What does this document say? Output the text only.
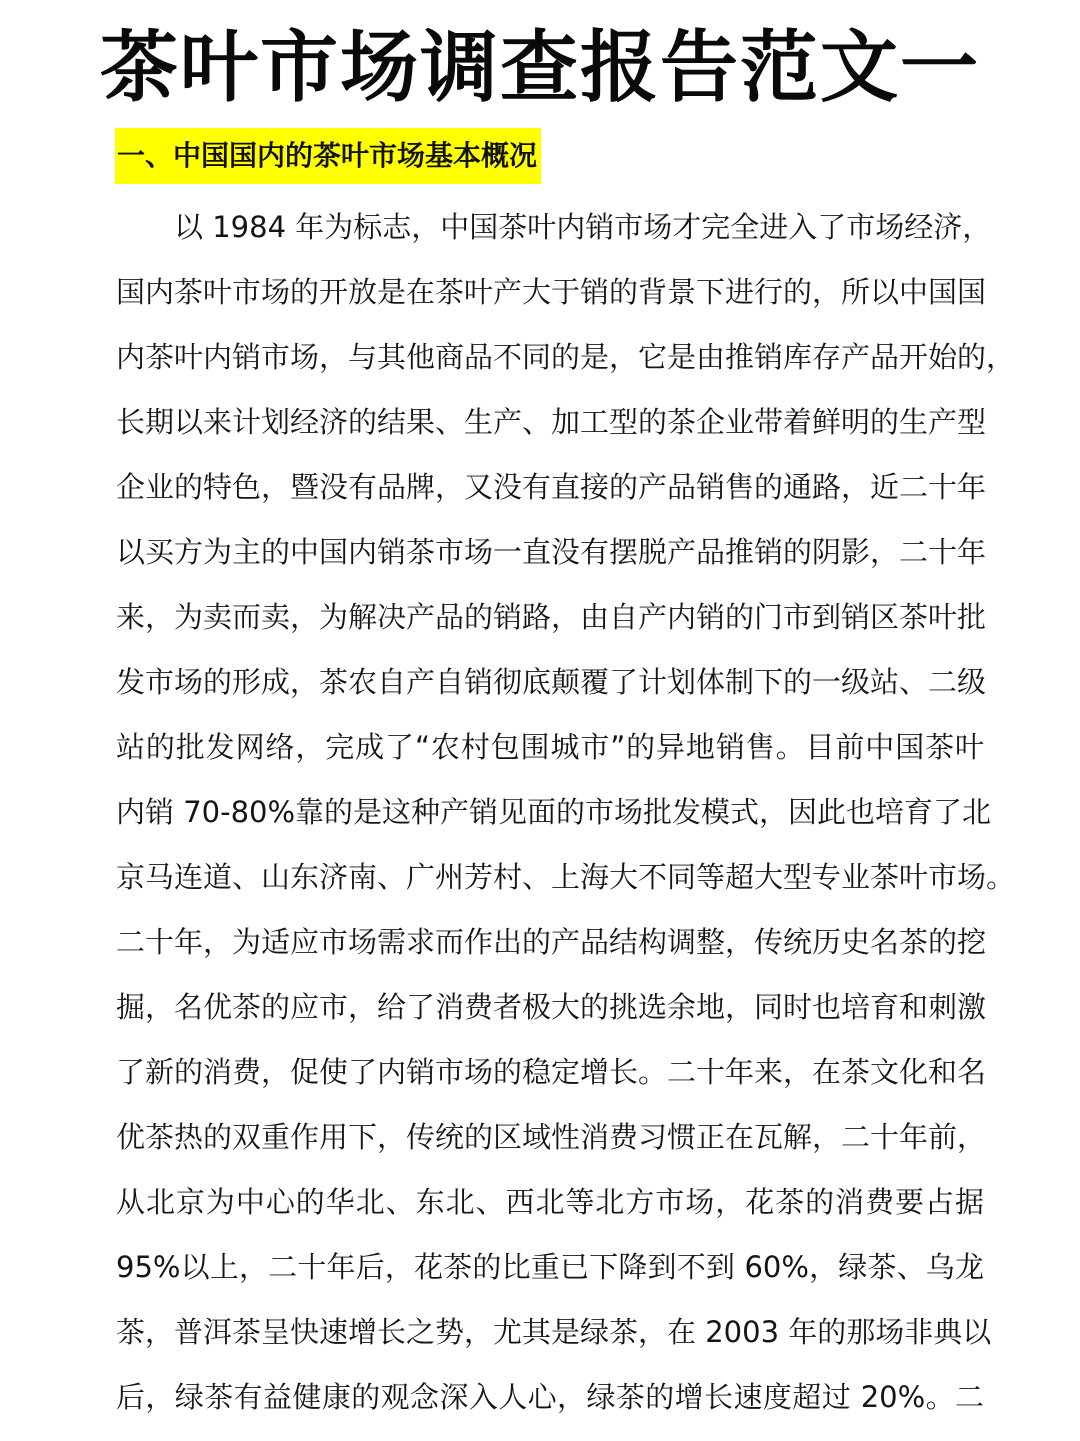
茶叶市场调查报告范文一
一、中国国内的茶叶市场基本概况
以 1984 年为标志，中国茶叶内销市场才完全进入了市场经济，
国内茶叶市场的开放是在茶叶产大于销的背景下进行的，所以中国国
内茶叶内销市场，与其他商品不同的是，它是由推销库存产品开始的，
长期以来计划经济的结果、生产、加工型的茶企业带着鲜明的生产型
企业的特色，暨没有品牌，又没有直接的产品销售的通路，近二十年
以买方为主的中国内销茶市场一直没有摆脱产品推销的阴影，二十年
来，为卖而卖，为解决产品的销路，由自产内销的门市到销区茶叶批
发市场的形成，茶农自产自销彻底颠覆了计划体制下的一级站、二级
站的批发网络，完成了“农村包围城市”的异地销售。目前中国茶叶
内销 70-80%靠的是这种产销见面的市场批发模式，因此也培育了北
京马连道、山东济南、广州芳村、上海大不同等超大型专业茶叶市场。
二十年，为适应市场需求而作出的产品结构调整，传统历史名茶的挖
掘，名优茶的应市，给了消费者极大的挑选余地，同时也培育和刺激
了新的消费，促使了内销市场的稳定增长。二十年来，在茶文化和名
优茶热的双重作用下，传统的区域性消费习惯正在瓦解，二十年前，
从北京为中心的华北、东北、西北等北方市场，花茶的消费要占据
95%以上，二十年后，花茶的比重已下降到不到 60%，绿茶、乌龙
茶，普洱茶呈快速增长之势，尤其是绿茶，在 2003 年的那场非典以
后，绿茶有益健康的观念深入人心，绿茶的增长速度超过 20%。二
